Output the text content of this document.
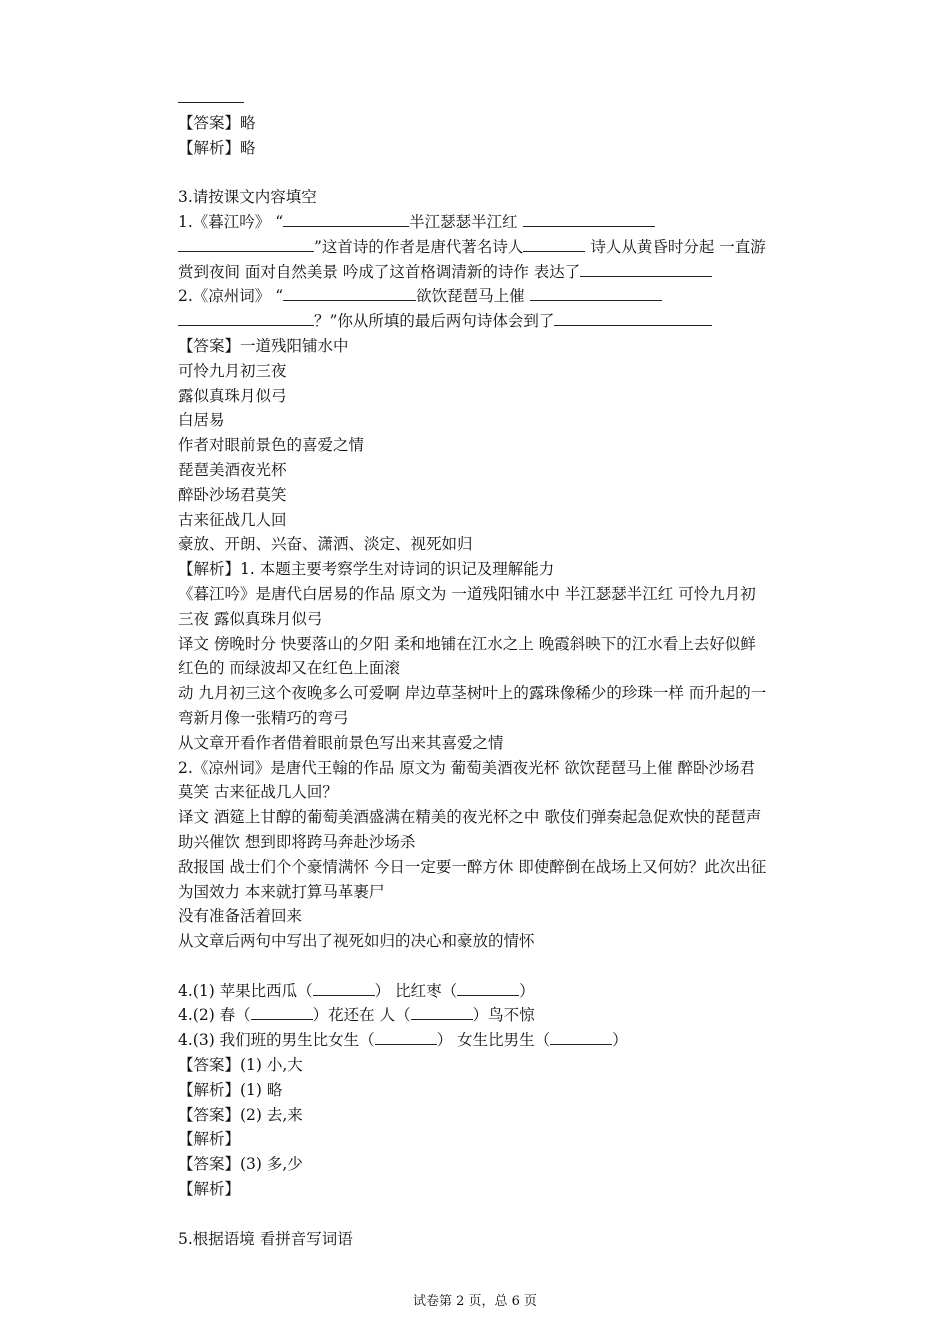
【答案】略
【解析】略
3.请按课文内容填空
1.《暮江吟》 “	半江瑟瑟半江红
”这首诗的作者是唐代著名诗人	诗人从黄昏时分起 一直游
赏到夜间 面对自然美景 吟成了这首格调清新的诗作 表达了
2.《凉州词》 “	欲饮琵琶马上催
？”你从所填的最后两句诗体会到了
【答案】一道残阳铺水中
可怜九月初三夜
露似真珠月似弓
白居易
作者对眼前景色的喜爱之情
琵琶美酒夜光杯
醉卧沙场君莫笑
古来征战几人回
豪放、开朗、兴奋、潇洒、淡定、视死如归
【解析】1. 本题主要考察学生对诗词的识记及理解能力
《暮江吟》是唐代白居易的作品 原文为 一道残阳铺水中 半江瑟瑟半江红 可怜九月初
三夜 露似真珠月似弓
译文 傍晚时分 快要落山的夕阳 柔和地铺在江水之上 晚霞斜映下的江水看上去好似鲜
红色的 而绿波却又在红色上面滚
动 九月初三这个夜晚多么可爱啊 岸边草茎树叶上的露珠像稀少的珍珠一样 而升起的一
弯新月像一张精巧的弯弓
从文章开看作者借着眼前景色写出来其喜爱之情
2.《凉州词》是唐代王翰的作品 原文为 葡萄美酒夜光杯 欲饮琵琶马上催 醉卧沙场君
莫笑 古来征战几人回？
译文 酒筵上甘醇的葡萄美酒盛满在精美的夜光杯之中 歌伎们弹奏起急促欢快的琵琶声
助兴催饮 想到即将跨马奔赴沙场杀
敌报国 战士们个个豪情满怀 今日一定要一醉方休 即使醉倒在战场上又何妨？此次出征
为国效力 本来就打算马革裹尸
没有准备活着回来
从文章后两句中写出了视死如归的决心和豪放的情怀
4.(1) 苹果比西瓜（	） 比红枣（	）
4.(2) 春（	）花还在 人（	）鸟不惊
4.(3) 我们班的男生比女生（	） 女生比男生（	）
【答案】(1) 小,大
【解析】(1) 略
【答案】(2) 去,来
【解析】
【答案】(3) 多,少
【解析】
5.根据语境 看拼音写词语
试卷第 2 页，总 6 页
